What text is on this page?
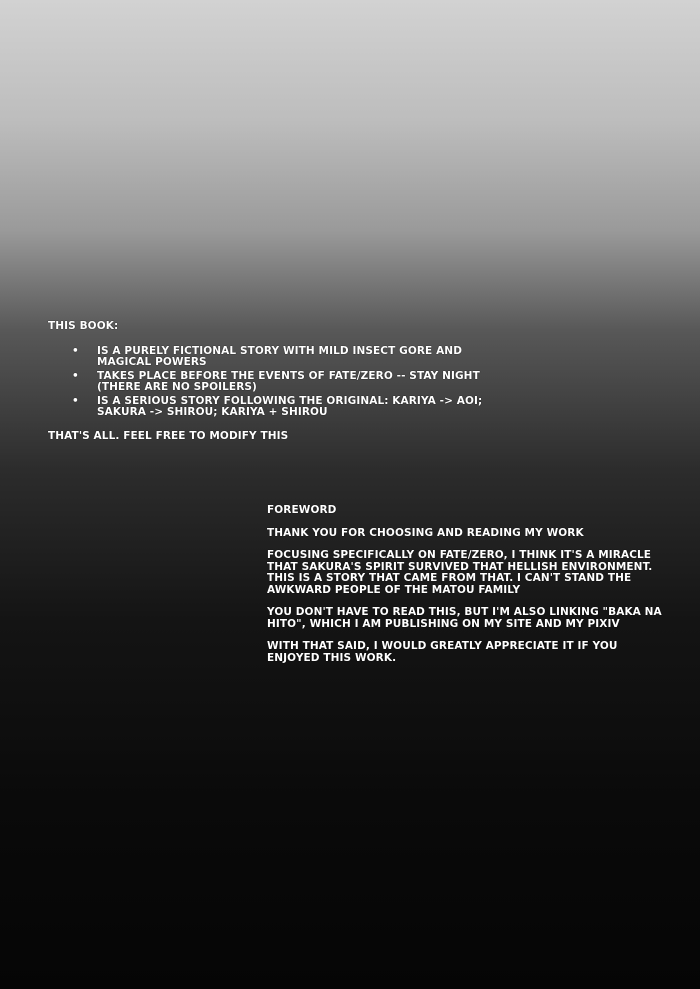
THIS BOOK:
• IS A PURELY FICTIONAL STORY WITH MILD INSECT GORE AND MAGICAL POWERS
• TAKES PLACE BEFORE THE EVENTS OF FATE/ZERO -- STAY NIGHT (THERE ARE NO SPOILERS)
• IS A SERIOUS STORY FOLLOWING THE ORIGINAL: KARIYA -> AOI; SAKURA -> SHIROU; KARIYA + SHIROU
THAT'S ALL. FEEL FREE TO MODIFY THIS

FOREWORD

THANK YOU FOR CHOOSING AND READING MY WORK

FOCUSING SPECIFICALLY ON FATE/ZERO, I THINK IT'S A MIRACLE THAT SAKURA'S SPIRIT SURVIVED THAT HELLISH ENVIRONMENT. THIS IS A STORY THAT CAME FROM THAT. I CAN'T STAND THE AWKWARD PEOPLE OF THE MATOU FAMILY

YOU DON'T HAVE TO READ THIS, BUT I'M ALSO LINKING "BAKA NA HITO", WHICH I AM PUBLISHING ON MY SITE AND MY PIXIV

WITH THAT SAID, I WOULD GREATLY APPRECIATE IT IF YOU ENJOYED THIS WORK.
